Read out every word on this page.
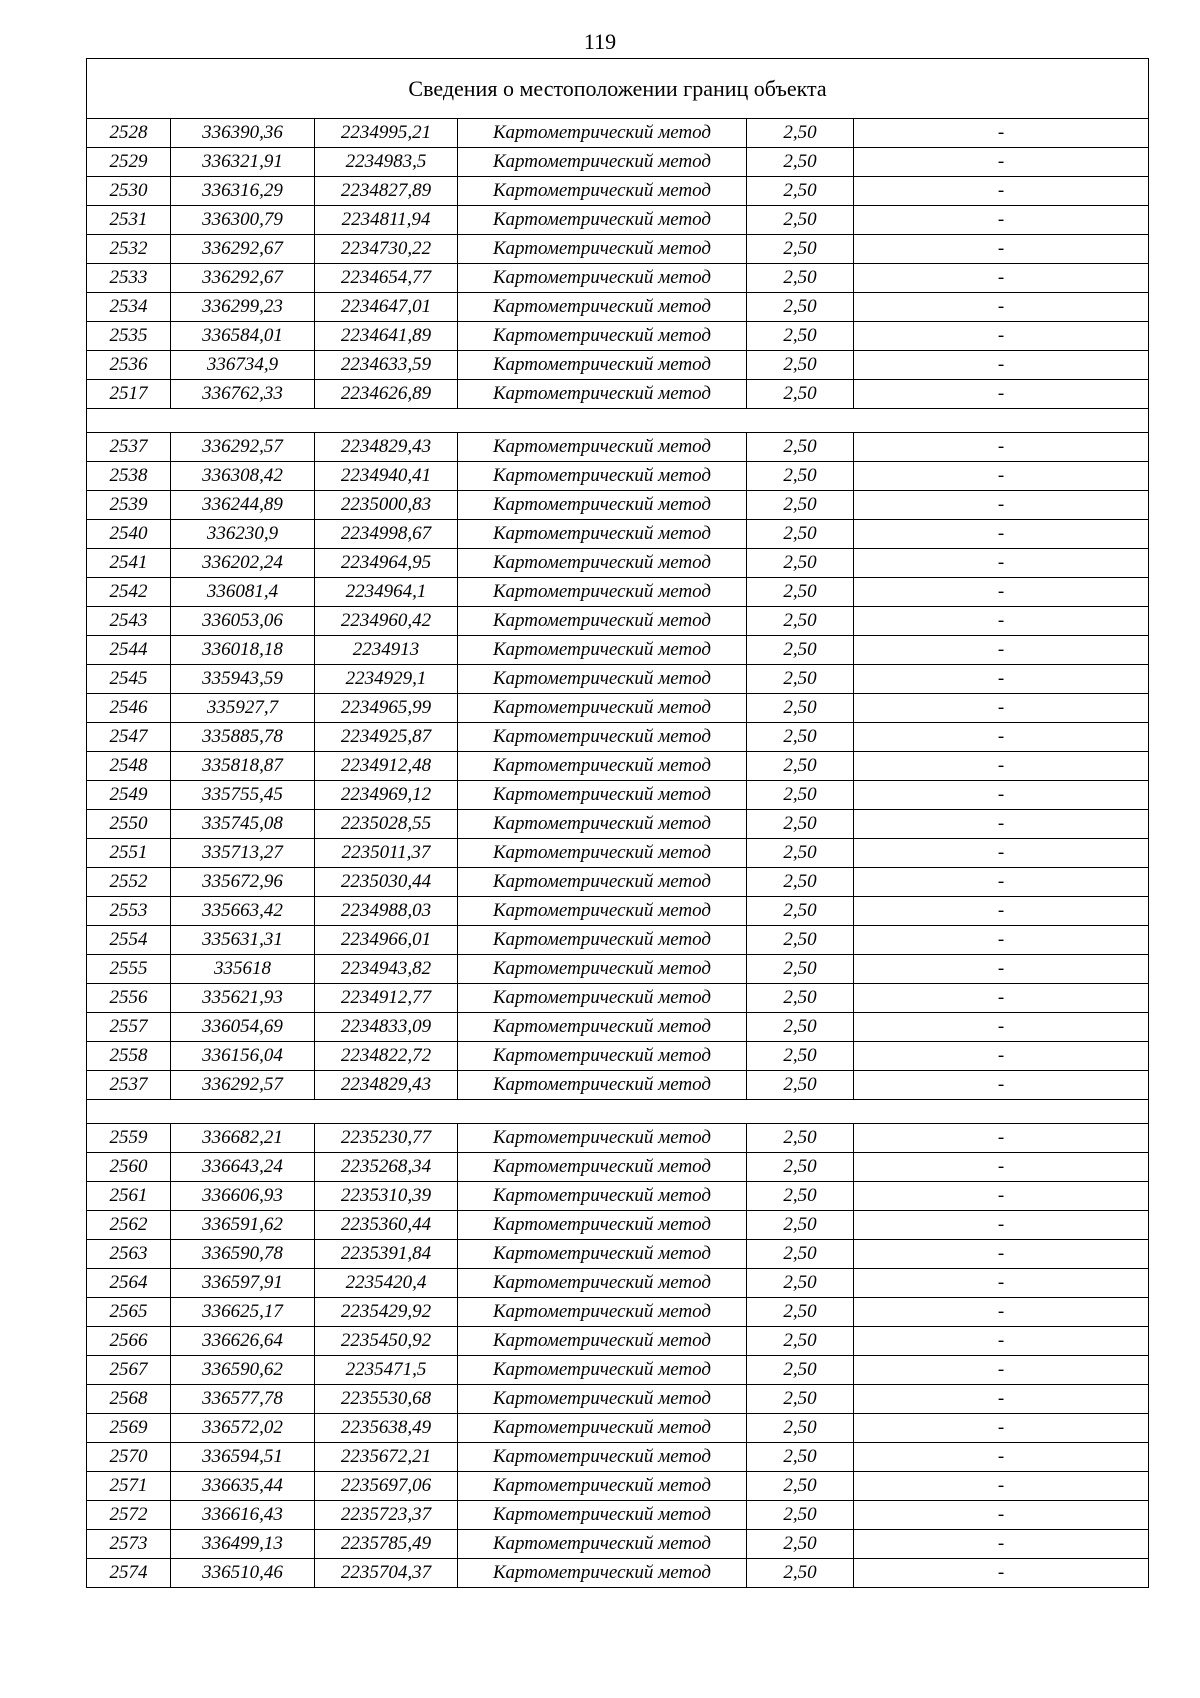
119
Сведения о местоположении границ объекта					
2528	336390,36	2234995,21	Картометрический метод	2,50	-
2529	336321,91	2234983,5	Картометрический метод	2,50	-
2530	336316,29	2234827,89	Картометрический метод	2,50	-
2531	336300,79	2234811,94	Картометрический метод	2,50	-
2532	336292,67	2234730,22	Картометрический метод	2,50	-
2533	336292,67	2234654,77	Картометрический метод	2,50	-
2534	336299,23	2234647,01	Картометрический метод	2,50	-
2535	336584,01	2234641,89	Картометрический метод	2,50	-
2536	336734,9	2234633,59	Картометрический метод	2,50	-
2517	336762,33	2234626,89	Картометрический метод	2,50	-

2537	336292,57	2234829,43	Картометрический метод	2,50	-
2538	336308,42	2234940,41	Картометрический метод	2,50	-
2539	336244,89	2235000,83	Картометрический метод	2,50	-
2540	336230,9	2234998,67	Картометрический метод	2,50	-
2541	336202,24	2234964,95	Картометрический метод	2,50	-
2542	336081,4	2234964,1	Картометрический метод	2,50	-
2543	336053,06	2234960,42	Картометрический метод	2,50	-
2544	336018,18	2234913	Картометрический метод	2,50	-
2545	335943,59	2234929,1	Картометрический метод	2,50	-
2546	335927,7	2234965,99	Картометрический метод	2,50	-
2547	335885,78	2234925,87	Картометрический метод	2,50	-
2548	335818,87	2234912,48	Картометрический метод	2,50	-
2549	335755,45	2234969,12	Картометрический метод	2,50	-
2550	335745,08	2235028,55	Картометрический метод	2,50	-
2551	335713,27	2235011,37	Картометрический метод	2,50	-
2552	335672,96	2235030,44	Картометрический метод	2,50	-
2553	335663,42	2234988,03	Картометрический метод	2,50	-
2554	335631,31	2234966,01	Картометрический метод	2,50	-
2555	335618	2234943,82	Картометрический метод	2,50	-
2556	335621,93	2234912,77	Картометрический метод	2,50	-
2557	336054,69	2234833,09	Картометрический метод	2,50	-
2558	336156,04	2234822,72	Картометрический метод	2,50	-
2537	336292,57	2234829,43	Картометрический метод	2,50	-

2559	336682,21	2235230,77	Картометрический метод	2,50	-
2560	336643,24	2235268,34	Картометрический метод	2,50	-
2561	336606,93	2235310,39	Картометрический метод	2,50	-
2562	336591,62	2235360,44	Картометрический метод	2,50	-
2563	336590,78	2235391,84	Картометрический метод	2,50	-
2564	336597,91	2235420,4	Картометрический метод	2,50	-
2565	336625,17	2235429,92	Картометрический метод	2,50	-
2566	336626,64	2235450,92	Картометрический метод	2,50	-
2567	336590,62	2235471,5	Картометрический метод	2,50	-
2568	336577,78	2235530,68	Картометрический метод	2,50	-
2569	336572,02	2235638,49	Картометрический метод	2,50	-
2570	336594,51	2235672,21	Картометрический метод	2,50	-
2571	336635,44	2235697,06	Картометрический метод	2,50	-
2572	336616,43	2235723,37	Картометрический метод	2,50	-
2573	336499,13	2235785,49	Картометрический метод	2,50	-
2574	336510,46	2235704,37	Картометрический метод	2,50	-
